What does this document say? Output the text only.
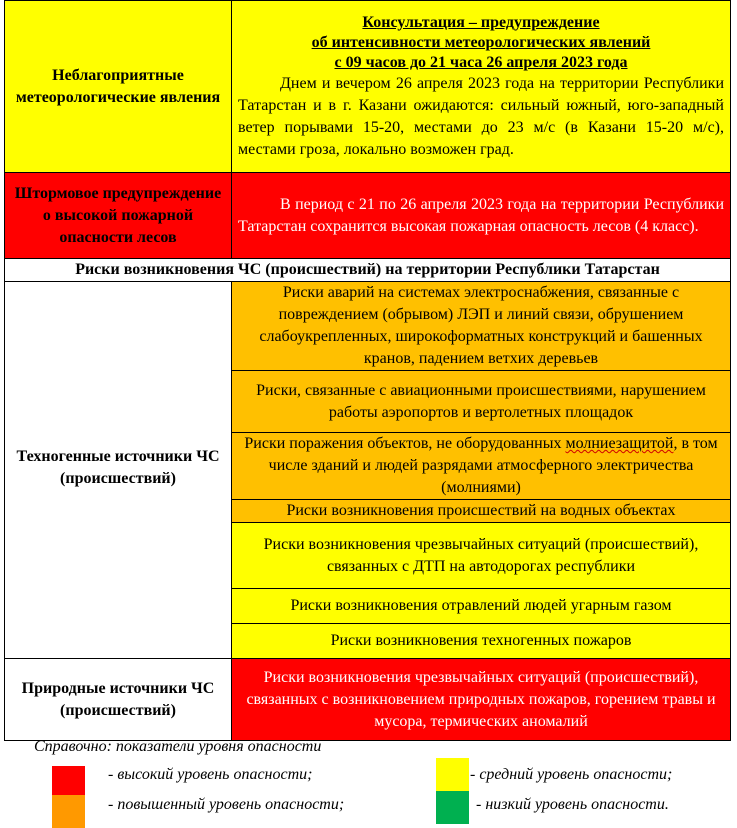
Неблагоприятные метеорологические явления	Консультация – предупреждение
об интенсивности метеорологических явлений
с 09 часов до 21 часа 26 апреля 2023 года
Днем и вечером 26 апреля 2023 года на территории Республики Татарстан и в г. Казани ожидаются: сильный южный, юго-западный ветер порывами 15-20, местами до 23 м/с (в Казани 15-20 м/с), местами гроза, локально возможен град.

Штормовое предупреждение о высокой пожарной опасности лесов	В период с 21 по 26 апреля 2023 года на территории Республики Татарстан сохранится высокая пожарная опасность лесов (4 класс).

Риски возникновения ЧС (происшествий) на территории Республики Татарстан	
Техногенные источники ЧС (происшествий)	Риски аварий на системах электроснабжения, связанные с повреждением (обрывом) ЛЭП и линий связи, обрушением слабоукрепленных, широкоформатных конструкций и башенных кранов, падением ветхих деревьев
	Риски, связанные с авиационными происшествиями, нарушением работы аэропортов и вертолетных площадок
	Риски поражения объектов, не оборудованных молниезащитой, в том числе зданий и людей разрядами атмосферного электричества (молниями)
	Риски возникновения происшествий на водных объектах
	Риски возникновения чрезвычайных ситуаций (происшествий), связанных с ДТП на автодорогах республики
	Риски возникновения отравлений людей угарным газом
	Риски возникновения техногенных пожаров
Природные источники ЧС (происшествий)	Риски возникновения чрезвычайных ситуаций (происшествий), связанных с возникновением природных пожаров, горением травы и мусора, термических аномалий
Справочно: показатели уровня опасности
- высокий уровень опасности;
- повышенный уровень опасности;
- средний уровень опасности;
- низкий уровень опасности.
